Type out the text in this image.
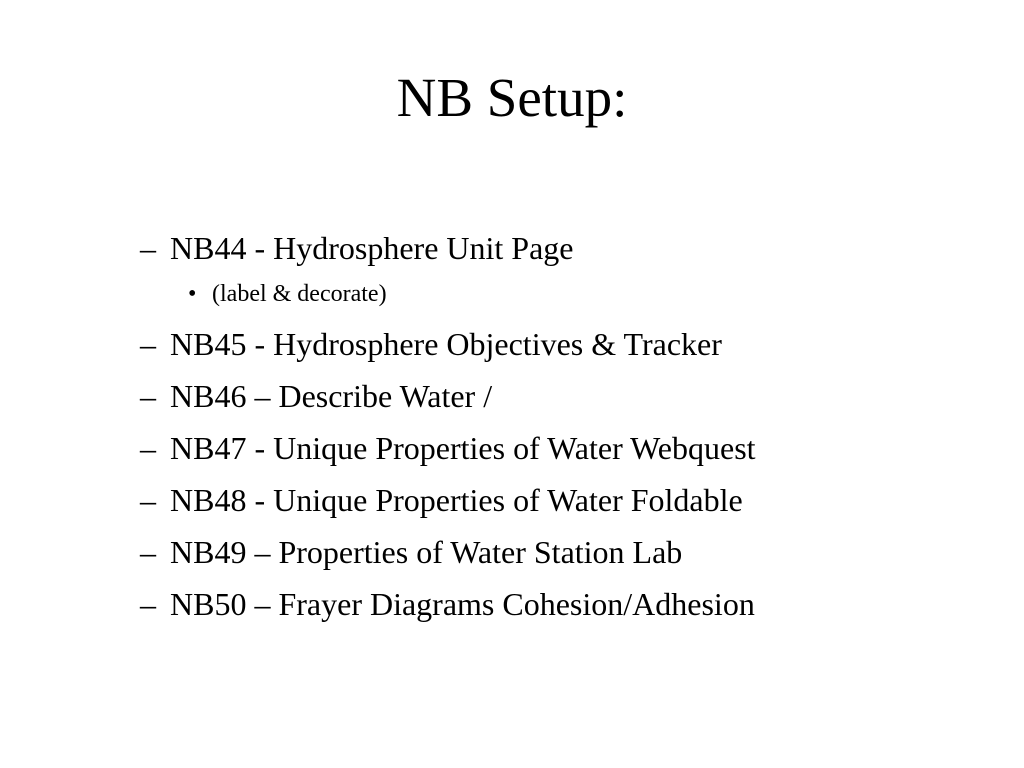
NB Setup:
– NB44 - Hydrosphere Unit Page
• (label & decorate)
– NB45 - Hydrosphere Objectives & Tracker
– NB46 – Describe Water /
– NB47 - Unique Properties of Water Webquest
– NB48 - Unique Properties of Water Foldable
– NB49 – Properties of Water Station Lab
– NB50 – Frayer Diagrams Cohesion/Adhesion
